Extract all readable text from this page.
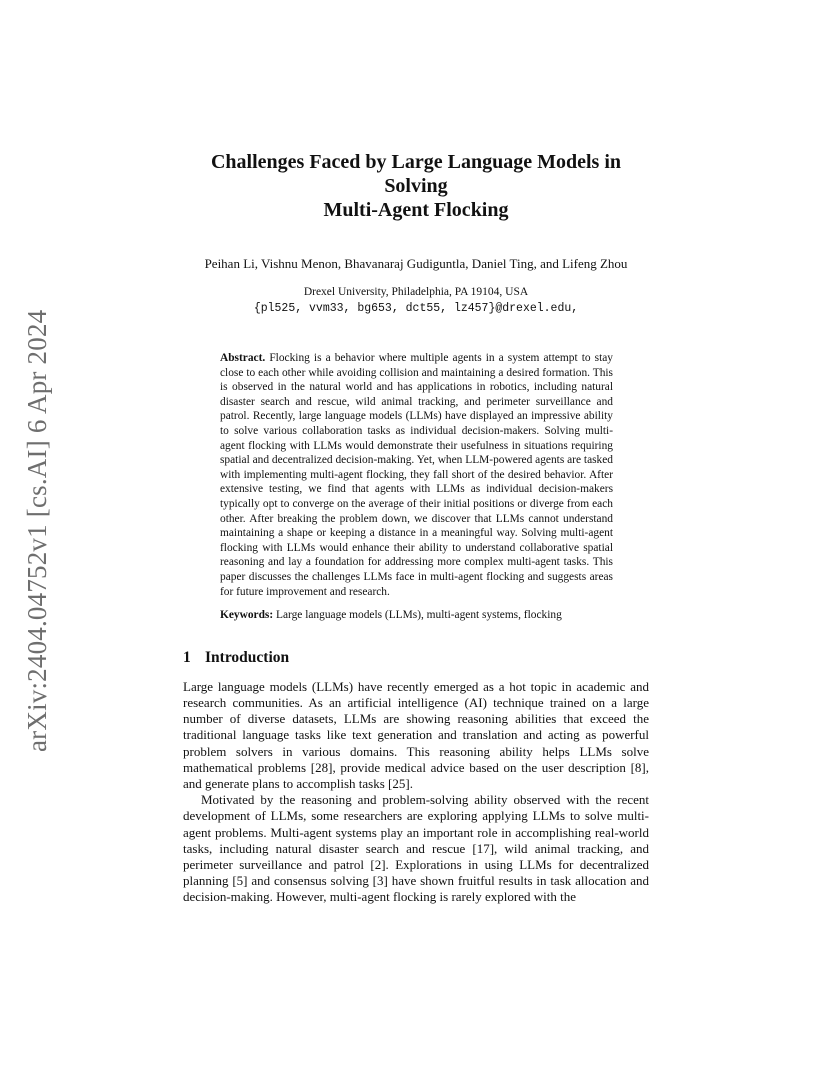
arXiv:2404.04752v1 [cs.AI] 6 Apr 2024
Challenges Faced by Large Language Models in Solving
Multi-Agent Flocking
Peihan Li, Vishnu Menon, Bhavanaraj Gudiguntla, Daniel Ting, and Lifeng Zhou
Drexel University, Philadelphia, PA 19104, USA
{pl525, vvm33, bg653, dct55, lz457}@drexel.edu,
Abstract. Flocking is a behavior where multiple agents in a system attempt to stay close to each other while avoiding collision and maintaining a desired formation. This is observed in the natural world and has applications in robotics, including natural disaster search and rescue, wild animal tracking, and perimeter surveillance and patrol. Recently, large language models (LLMs) have displayed an impressive ability to solve various collaboration tasks as individual decision-makers. Solving multi-agent flocking with LLMs would demonstrate their usefulness in situations requiring spatial and decentralized decision-making. Yet, when LLM-powered agents are tasked with implementing multi-agent flocking, they fall short of the desired behavior. After extensive testing, we find that agents with LLMs as individual decision-makers typically opt to converge on the average of their initial positions or diverge from each other. After breaking the problem down, we discover that LLMs cannot understand maintaining a shape or keeping a distance in a meaningful way. Solving multi-agent flocking with LLMs would enhance their ability to understand collaborative spatial reasoning and lay a foundation for addressing more complex multi-agent tasks. This paper discusses the challenges LLMs face in multi-agent flocking and suggests areas for future improvement and research.
Keywords: Large language models (LLMs), multi-agent systems, flocking
1 Introduction

Large language models (LLMs) have recently emerged as a hot topic in academic and research communities. As an artificial intelligence (AI) technique trained on a large number of diverse datasets, LLMs are showing reasoning abilities that exceed the traditional language tasks like text generation and translation and acting as powerful problem solvers in various domains. This reasoning ability helps LLMs solve mathematical problems [28], provide medical advice based on the user description [8], and generate plans to accomplish tasks [25].

Motivated by the reasoning and problem-solving ability observed with the recent development of LLMs, some researchers are exploring applying LLMs to solve multi-agent problems. Multi-agent systems play an important role in accomplishing real-world tasks, including natural disaster search and rescue [17], wild animal tracking, and perimeter surveillance and patrol [2]. Explorations in using LLMs for decentralized planning [5] and consensus solving [3] have shown fruitful results in task allocation and decision-making. However, multi-agent flocking is rarely explored with the
